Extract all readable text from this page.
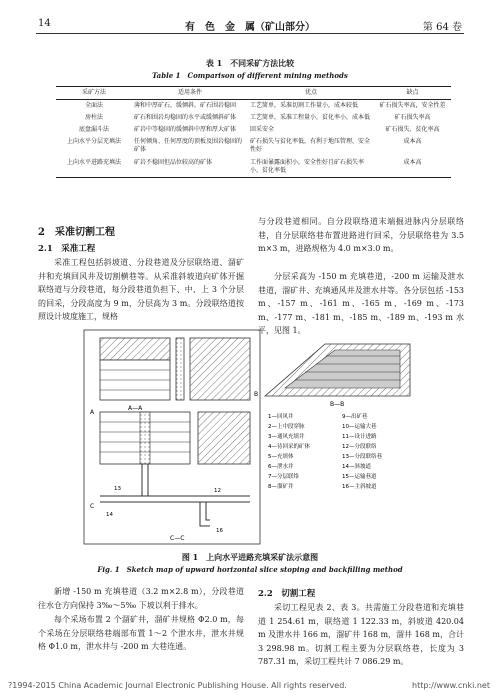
14	有　色　金　属（矿山部分）	第 64 卷
表 1　不同采矿方法比较
Table 1　Comparison of different mining methods
采矿方法	适用条件	优点	缺点
全面法	薄和中厚矿石，缓倾斜，矿石围岩稳固	工艺简单，采准切割工作量小，成本较低	矿石损失率高，安全性差
房柱法	矿石和围岩均稳固的水平或缓倾斜矿体	工艺简单，采准工程量小，贫化率小，成本低	矿石损失率高
底盘漏斗法	矿岩中等稳固的缓倾斜中厚和厚大矿体	回采安全	矿石损失、贫化率高
上向水平分层充填法	任何倾角、任何厚度的顶板及围岩稳固的矿体	矿石损失与贫化率低，有利于地压管理，安全性好	成本高
上向水平进路充填法	矿岩不稳固但品位较高的矿体	工作面暴露面积小，安全性好且矿石损失率小，贫化率低	成本高
2　采准切割工程
2.1　采准工程
采准工程包括斜坡道、分段巷道及分层联络道、溜矿井和充填回风井及切割横巷等。从采准斜坡道向矿体开掘联络道与分段巷道，每分段巷道负担下、中、上 3 个分层的回采，分段高度为 9 m，分层高为 3 m。分段联络道按照设计坡度施工，规格
与分段巷道相同。自分段联络道末端掘进脉内分层联络巷，自分层联络巷布置进路进行回采，分层联络巷为 3.5 m×3 m，进路规格为 4.0 m×3.0 m。
分层采高为 -150 m 充填巷道，-200 m 运输及泄水巷道，溜矿井、充填通风井及泄水井等。各分层包括 -153 m、-157 m、-161 m、-165 m、-169 m、-173 m、-177 m、-181 m、-185 m、-189 m、-193 m 水平，见图 1。
1—回风井
2—上中段穿脉
3—通风充填井
4—待回采的矿体
5—充填体
6—泄水井
7—分层联络
8—溜矿井
9—出矿巷
10—运输大巷
11—设计进路
12—分段联络
13—分段联络巷
14—斜坡道
15—运输巷道
16—主斜坡道
A—A
B—B
C—C
A
B
C
12
13
14
16
图 1　上向水平进路充填采矿法示意图
Fig. 1　Sketch map of upward horizontal slice stoping and backfilling method
新增 -150 m 充填巷道（3.2 m×2.8 m），分段巷道往水仓方向保持 3‰～5‰ 下坡以利于排水。
每个采场布置 2 个溜矿井，溜矿井规格 Φ2.0 m，每个采场在分层联络巷端部布置 1～2 个泄水井，泄水井规格 Φ1.0 m，泄水井与 -200 m 大巷连通。
2.2　切割工程
采切工程见表 2、表 3。共需施工分段巷道和充填巷道 1 254.61 m，联络道 1 122.33 m，斜坡道 420.04 m 及泄水井 166 m，溜矿井 168 m，溜井 168 m，合计 3 298.98 m。切割工程主要为分层联络巷，长度为 3 787.31 m，采切工程共计 7 086.29 m。
?1994-2015 China Academic Journal Electronic Publishing House. All rights reserved.	http://www.cnki.net
